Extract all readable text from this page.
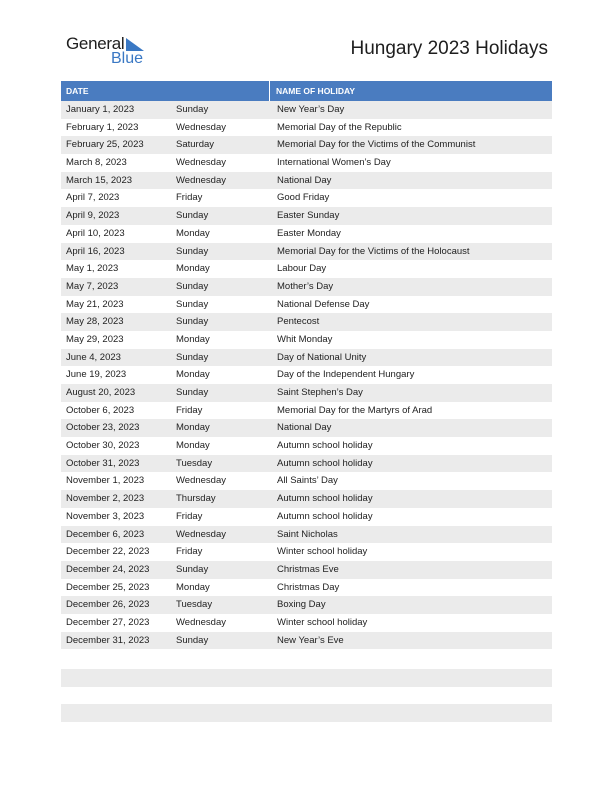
General
Blue	Hungary 2023 Holidays
DATE	NAME OF HOLIDAY
January 1, 2023	Sunday	New Year’s Day
February 1, 2023	Wednesday	Memorial Day of the Republic
February 25, 2023	Saturday	Memorial Day for the Victims of the Communist
March 8, 2023	Wednesday	International Women’s Day
March 15, 2023	Wednesday	National Day
April 7, 2023	Friday	Good Friday
April 9, 2023	Sunday	Easter Sunday
April 10, 2023	Monday	Easter Monday
April 16, 2023	Sunday	Memorial Day for the Victims of the Holocaust
May 1, 2023	Monday	Labour Day
May 7, 2023	Sunday	Mother’s Day
May 21, 2023	Sunday	National Defense Day
May 28, 2023	Sunday	Pentecost
May 29, 2023	Monday	Whit Monday
June 4, 2023	Sunday	Day of National Unity
June 19, 2023	Monday	Day of the Independent Hungary
August 20, 2023	Sunday	Saint Stephen’s Day
October 6, 2023	Friday	Memorial Day for the Martyrs of Arad
October 23, 2023	Monday	National Day
October 30, 2023	Monday	Autumn school holiday
October 31, 2023	Tuesday	Autumn school holiday
November 1, 2023	Wednesday	All Saints’ Day
November 2, 2023	Thursday	Autumn school holiday
November 3, 2023	Friday	Autumn school holiday
December 6, 2023	Wednesday	Saint Nicholas
December 22, 2023	Friday	Winter school holiday
December 24, 2023	Sunday	Christmas Eve
December 25, 2023	Monday	Christmas Day
December 26, 2023	Tuesday	Boxing Day
December 27, 2023	Wednesday	Winter school holiday
December 31, 2023	Sunday	New Year’s Eve
